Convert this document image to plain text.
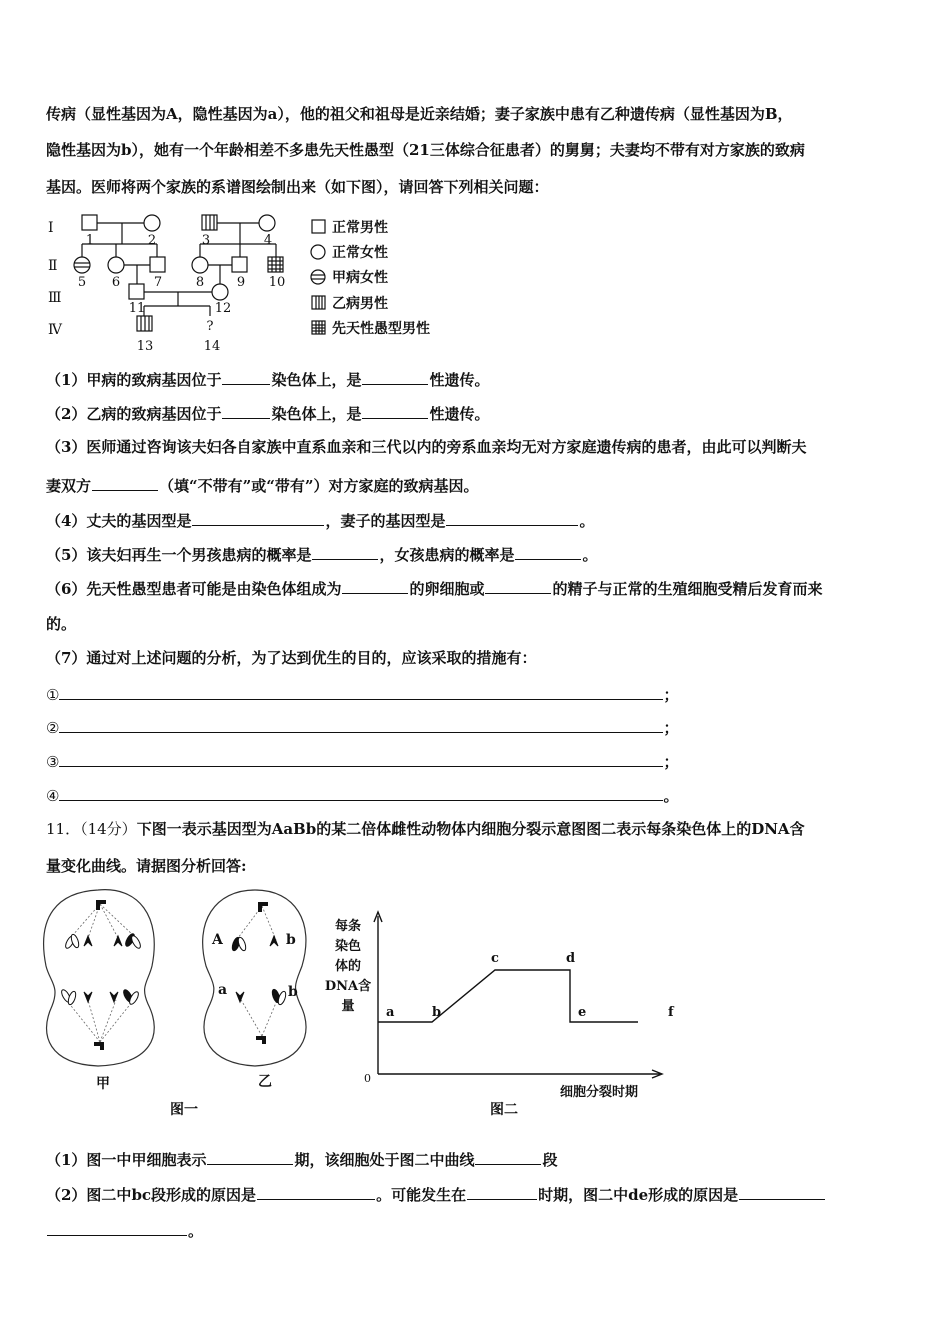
传病（显性基因为A，隐性基因为a），他的祖父和祖母是近亲结婚；妻子家族中患有乙种遗传病（显性基因为B，
隐性基因为b），她有一个年龄相差不多患先天性愚型（21三体综合征患者）的舅舅；夫妻均不带有对方家族的致病
基因。医师将两个家族的系谱图绘制出来（如下图），请回答下列相关问题：
Ⅰ
Ⅱ
Ⅲ
Ⅳ
1	2	3	4
5 6	7	8	9 10
11	12
13
?
14
正常男性
正常女性
甲病女性
乙病男性
先天性愚型男性
（1）甲病的致病基因位于	染色体上，是	性遗传。
（2）乙病的致病基因位于	染色体上，是	性遗传。
（3）医师通过咨询该夫妇各自家族中直系血亲和三代以内的旁系血亲均无对方家庭遗传病的患者，由此可以判断夫
妻双方	（填“不带有”或“带有”）对方家庭的致病基因。
（4）丈夫的基因型是	，妻子的基因型是	。
（5）该夫妇再生一个男孩患病的概率是	，女孩患病的概率是	。
（6）先天性愚型患者可能是由染色体组成为	的卵细胞或	的精子与正常的生殖细胞受精后发育而来
的。
（7）通过对上述问题的分析，为了达到优生的目的，应该采取的措施有：
①	；
②	；
③	；
④	。
11．（14分）下图一表示基因型为AaBb的某二倍体雌性动物体内细胞分裂示意图图二表示每条染色体上的DNA含
量变化曲线。请据图分析回答:
A	b
a	b
甲	乙
图一
每条
染色
体的
DNA含
量
0
细胞分裂时期
a	b
c	d
e	f
图二
（1）图一中甲细胞表示	期，该细胞处于图二中曲线	段
（2）图二中bc段形成的原因是	。可能发生在	时期，图二中de形成的原因是
。
